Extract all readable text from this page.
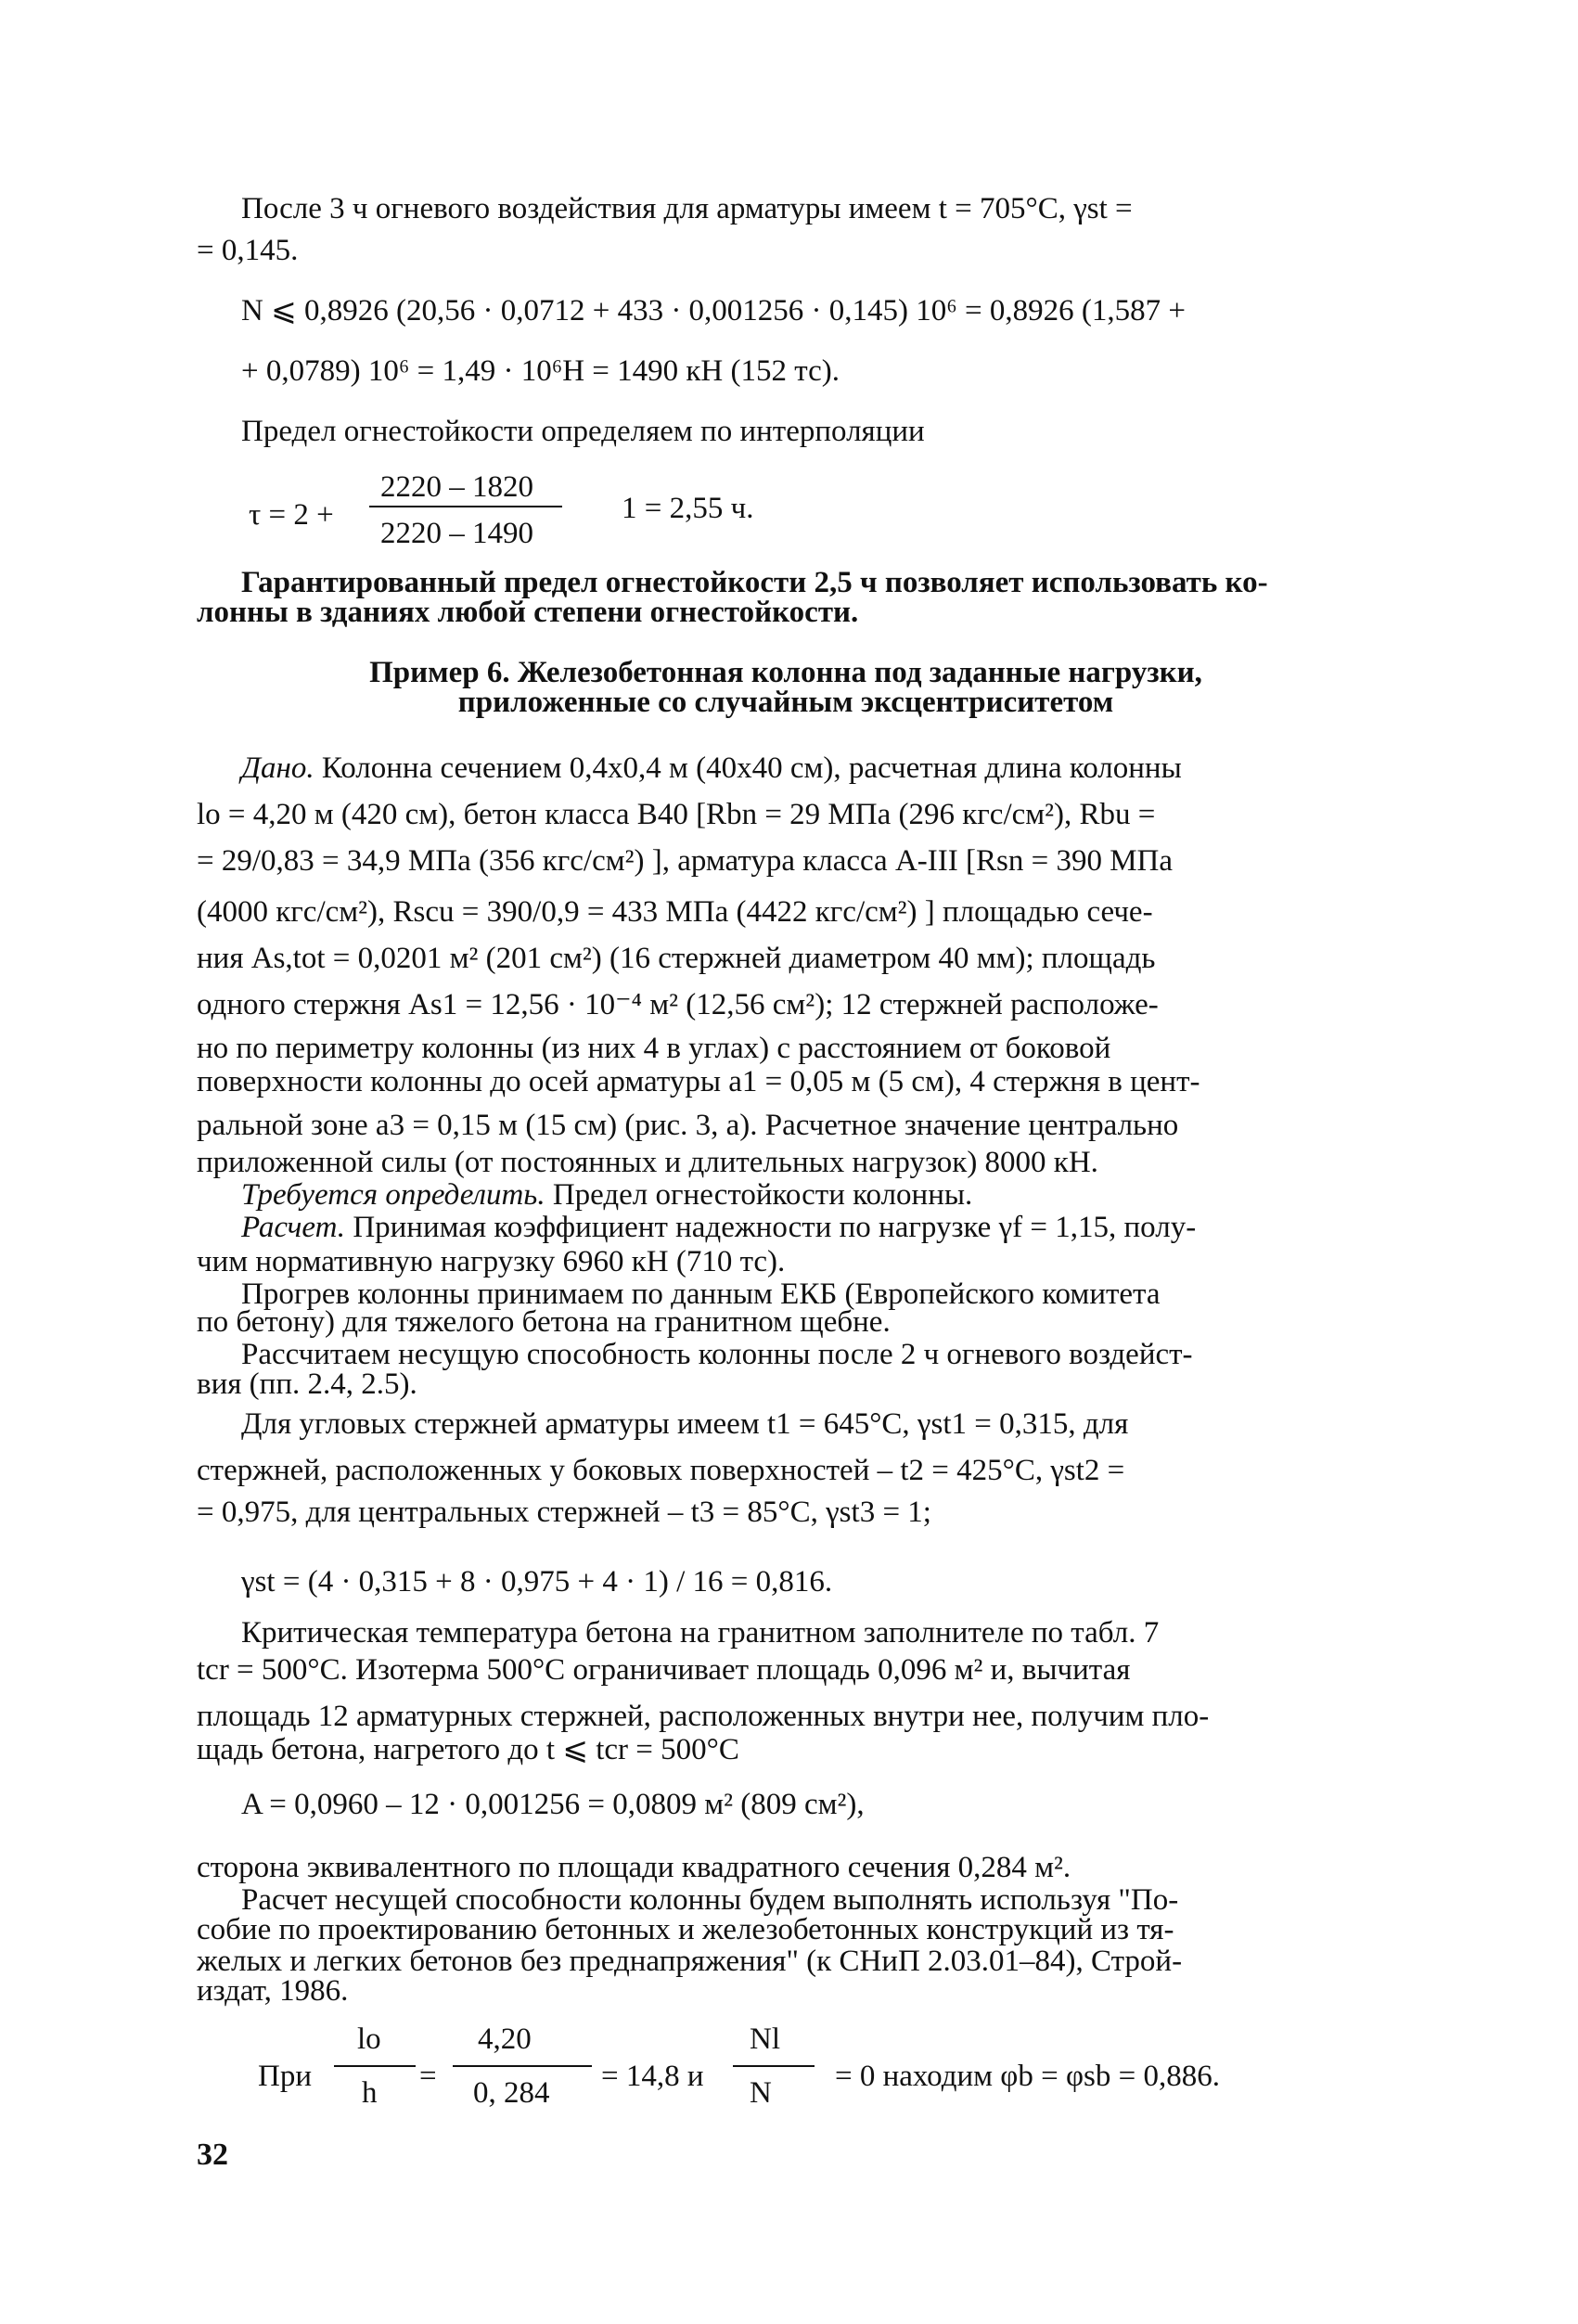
После 3 ч огневого воздействия для арматуры имеем t = 705°С, γst =
= 0,145.
N ⩽ 0,8926 (20,56 · 0,0712 + 433 · 0,001256 · 0,145) 10⁶ = 0,8926 (1,587 +
+ 0,0789) 10⁶ = 1,49 · 10⁶H = 1490 кН (152 тс).
Предел огнестойкости определяем по интерполяции
τ = 2 +
2220 – 1820
2220 – 1490
1 = 2,55 ч.
Гарантированный предел огнестойкости 2,5 ч позволяет использовать ко-
лонны в зданиях любой степени огнестойкости.
Пример 6. Железобетонная колонна под заданные нагрузки,
приложенные со случайным эксцентриситетом
Дано. Колонна сечением 0,4x0,4 м (40x40 см), расчетная длина колонны
lo = 4,20 м (420 см), бетон класса В40 [Rbn = 29 МПа (296 кгс/см²), Rbu =
= 29/0,83 = 34,9 МПа (356 кгс/см²) ], арматура класса A-III [Rsn = 390 МПа
(4000 кгс/см²), Rscu = 390/0,9 = 433 МПа (4422 кгс/см²) ] площадью сече-
ния As,tot = 0,0201 м² (201 см²) (16 стержней диаметром 40 мм); площадь
одного стержня As1 = 12,56 · 10⁻⁴ м² (12,56 см²); 12 стержней расположе-
но по периметру колонны (из них 4 в углах) с расстоянием от боковой
поверхности колонны до осей арматуры a1 = 0,05 м (5 см), 4 стержня в цент-
ральной зоне a3 = 0,15 м (15 см) (рис. 3, a). Расчетное значение центрально
приложенной силы (от постоянных и длительных нагрузок) 8000 кН.
Требуется определить. Предел огнестойкости колонны.
Расчет. Принимая коэффициент надежности по нагрузке γf = 1,15, полу-
чим нормативную нагрузку 6960 кН (710 тс).
Прогрев колонны принимаем по данным ЕКБ (Европейского комитета
по бетону) для тяжелого бетона на гранитном щебне.
Рассчитаем несущую способность колонны после 2 ч огневого воздейст-
вия (пп. 2.4, 2.5).
Для угловых стержней арматуры имеем t1 = 645°С, γst1 = 0,315, для
стержней, расположенных у боковых поверхностей – t2 = 425°С, γst2 =
= 0,975, для центральных стержней – t3 = 85°С, γst3 = 1;
γst = (4 · 0,315 + 8 · 0,975 + 4 · 1) / 16 = 0,816.
Критическая температура бетона на гранитном заполнителе по табл. 7
tcr = 500°С. Изотерма 500°С ограничивает площадь 0,096 м² и, вычитая
площадь 12 арматурных стержней, расположенных внутри нее, получим пло-
щадь бетона, нагретого до t ⩽ tcr = 500°С
A = 0,0960 – 12 · 0,001256 = 0,0809 м² (809 см²),
сторона эквивалентного по площади квадратного сечения 0,284 м².
Расчет несущей способности колонны будем выполнять используя "По-
собие по проектированию бетонных и железобетонных конструкций из тя-
желых и легких бетонов без преднапряжения" (к СНиП 2.03.01–84), Строй-
издат, 1986.
При
lo
h =
4,20
0, 284 = 14,8 и
Nl
N = 0 находим φb = φsb = 0,886.
32
